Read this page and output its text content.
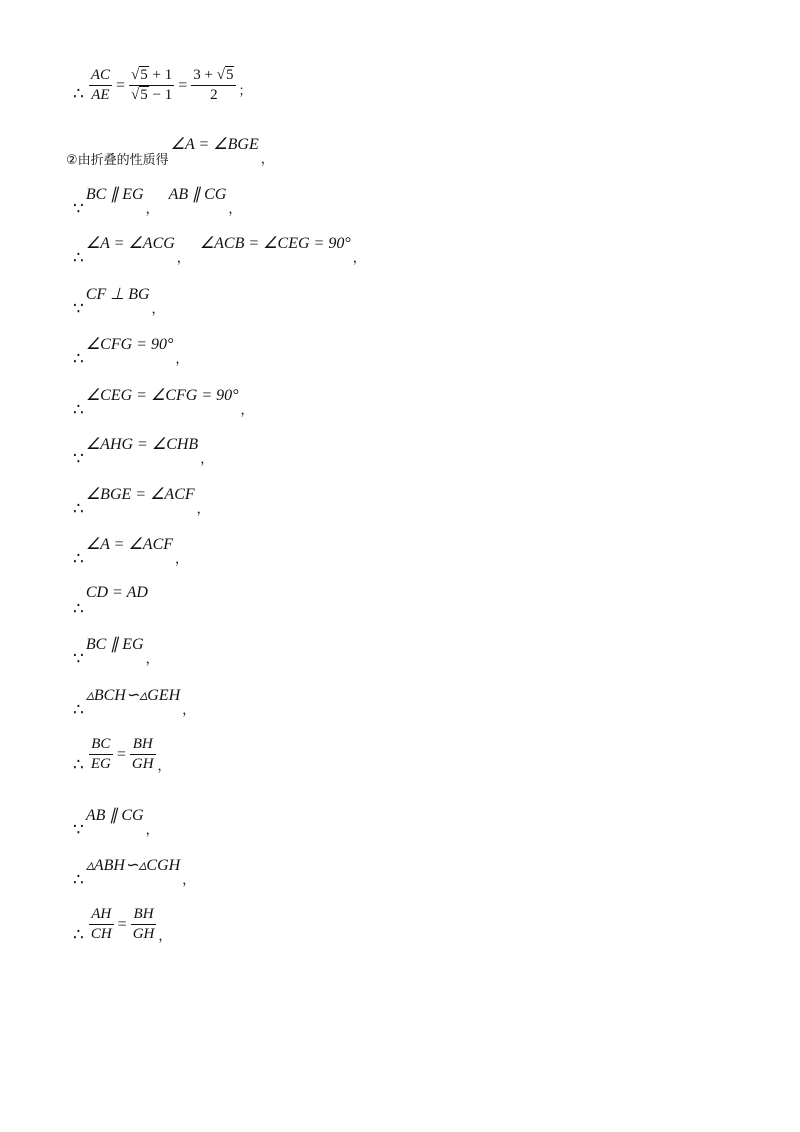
∴ $\frac{AC}{AE} = \frac{√5 + 1}{√5 - 1} = \frac{3 + √5}{2}$ ；
②由折叠的性质得
∠A = ∠BGE
，
∵
BC ∥ EG
，
AB ∥ CG
，
∴
∠A = ∠ACG
，
∠ACB = ∠CEG = 90°
，
∵
CF ⊥ BG
，
∴
∠CFG = 90°
，
∴
∠CEG = ∠CFG = 90°
，
∵
∠AHG = ∠CHB
，
∴
∠BGE = ∠ACF
，
∴
∠A = ∠ACF
，
∴
CD = AD
∵
BC ∥ EG
，
∴
▵BCH∽▵GEH
，
∴ $\frac{BC}{EG} = \frac{BH}{GH}$ ，
∵
AB ∥ CG
，
∴
▵ABH∽▵CGH
，
∴ $\frac{AH}{CH} = \frac{BH}{GH}$ ，
